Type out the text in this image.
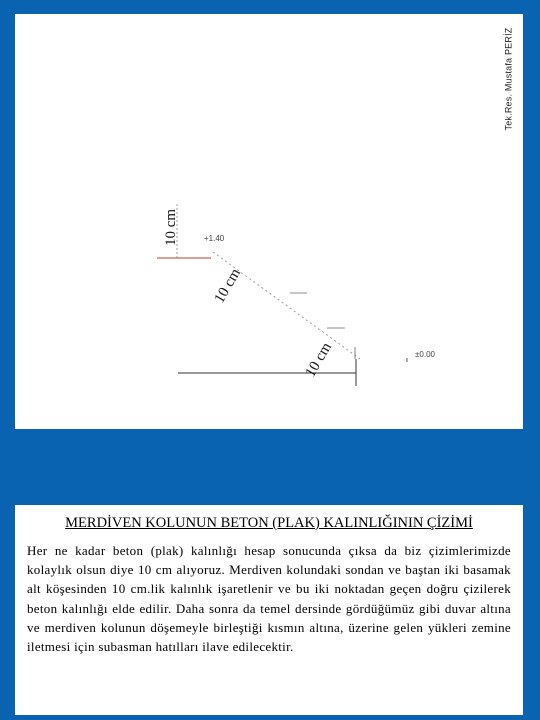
Tek.Res. Mustafa PERİZ
10 cm
10 cm
10 cm
+1.40
±0.00
MERDİVEN KOLUNUN BETON (PLAK) KALINLIĞININ ÇİZİMİ
Her ne kadar beton (plak) kalınlığı hesap sonucunda çıksa da biz çizimlerimizde kolaylık olsun diye 10 cm alıyoruz. Merdiven kolundaki sondan ve baştan iki basamak alt köşesinden 10 cm.lik kalınlık işaretlenir ve bu iki noktadan geçen doğru çizilerek beton kalınlığı elde edilir. Daha sonra da temel dersinde gördüğümüz gibi duvar altına ve merdiven kolunun döşemeyle birleştiği kısmın altına, üzerine gelen yükleri zemine iletmesi için subasman hatılları ilave edilecektir.
